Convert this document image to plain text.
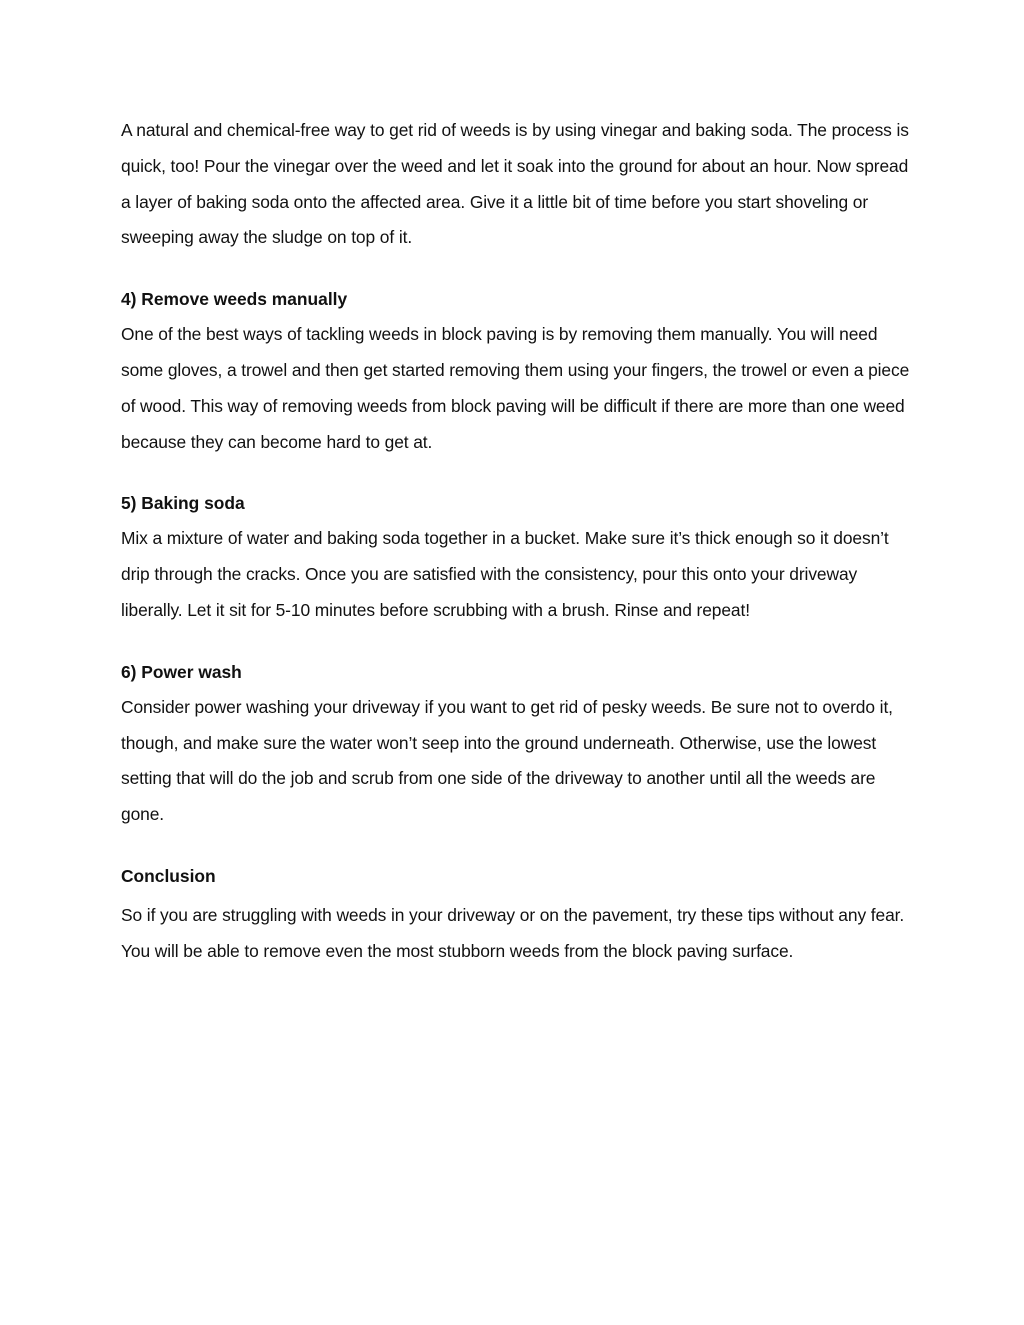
A natural and chemical-free way to get rid of weeds is by using vinegar and baking soda. The process is quick, too! Pour the vinegar over the weed and let it soak into the ground for about an hour. Now spread a layer of baking soda onto the affected area. Give it a little bit of time before you start shoveling or sweeping away the sludge on top of it.

4) Remove weeds manually

One of the best ways of tackling weeds in block paving is by removing them manually. You will need some gloves, a trowel and then get started removing them using your fingers, the trowel or even a piece of wood. This way of removing weeds from block paving will be difficult if there are more than one weed because they can become hard to get at.

5) Baking soda

Mix a mixture of water and baking soda together in a bucket. Make sure it’s thick enough so it doesn’t drip through the cracks. Once you are satisfied with the consistency, pour this onto your driveway liberally. Let it sit for 5-10 minutes before scrubbing with a brush. Rinse and repeat!

6) Power wash

Consider power washing your driveway if you want to get rid of pesky weeds. Be sure not to overdo it, though, and make sure the water won’t seep into the ground underneath. Otherwise, use the lowest setting that will do the job and scrub from one side of the driveway to another until all the weeds are gone.

Conclusion

So if you are struggling with weeds in your driveway or on the pavement, try these tips without any fear. You will be able to remove even the most stubborn weeds from the block paving surface.
